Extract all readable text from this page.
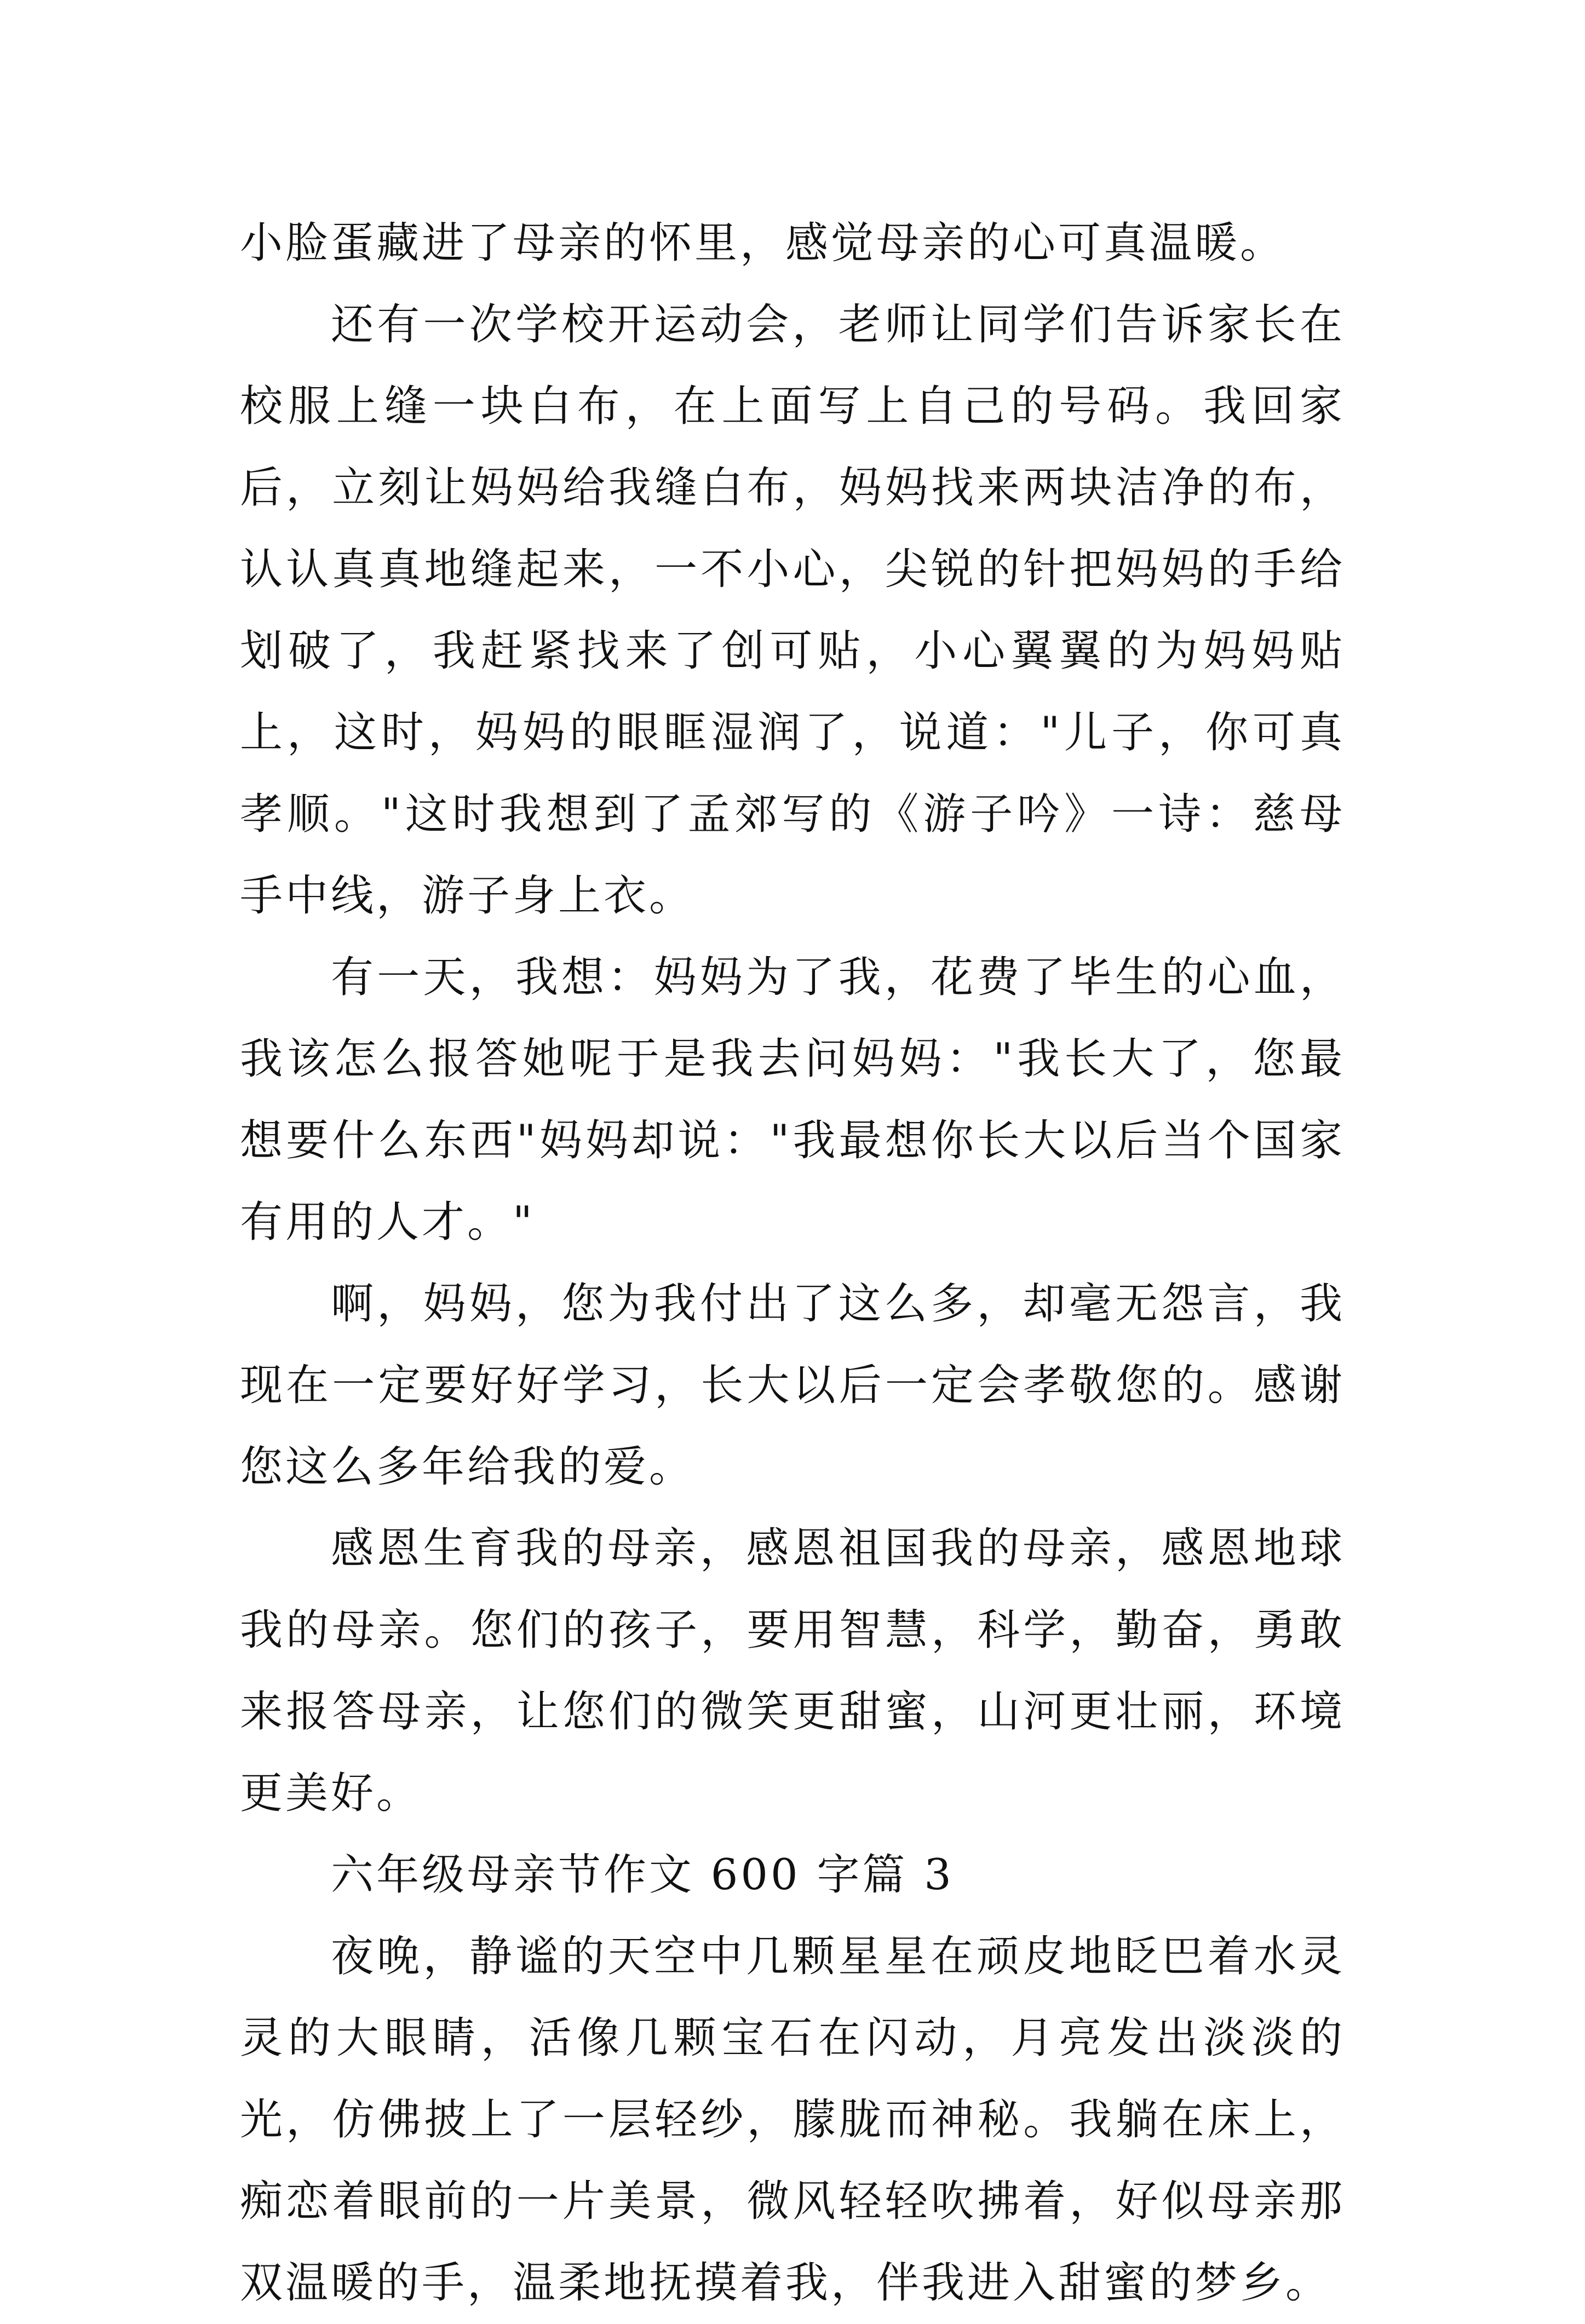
小脸蛋藏进了母亲的怀里，感觉母亲的心可真温暖。

还有一次学校开运动会，老师让同学们告诉家长在校服上缝一块白布，在上面写上自己的号码。我回家后，立刻让妈妈给我缝白布，妈妈找来两块洁净的布，认认真真地缝起来，一不小心，尖锐的针把妈妈的手给划破了，我赶紧找来了创可贴，小心翼翼的为妈妈贴上，这时，妈妈的眼眶湿润了，说道："儿子，你可真孝顺。"这时我想到了孟郊写的《游子吟》一诗：慈母手中线，游子身上衣。

有一天，我想：妈妈为了我，花费了毕生的心血，我该怎么报答她呢于是我去问妈妈："我长大了，您最想要什么东西"妈妈却说："我最想你长大以后当个国家有用的人才。"

啊，妈妈，您为我付出了这么多，却毫无怨言，我现在一定要好好学习，长大以后一定会孝敬您的。感谢您这么多年给我的爱。

感恩生育我的母亲，感恩祖国我的母亲，感恩地球我的母亲。您们的孩子，要用智慧，科学，勤奋，勇敢来报答母亲，让您们的微笑更甜蜜，山河更壮丽，环境更美好。

六年级母亲节作文 600 字篇 3

夜晚，静谧的天空中几颗星星在顽皮地眨巴着水灵灵的大眼睛，活像几颗宝石在闪动，月亮发出淡淡的光，仿佛披上了一层轻纱，朦胧而神秘。我躺在床上，痴恋着眼前的一片美景，微风轻轻吹拂着，好似母亲那双温暖的手，温柔地抚摸着我，伴我进入甜蜜的梦乡。
